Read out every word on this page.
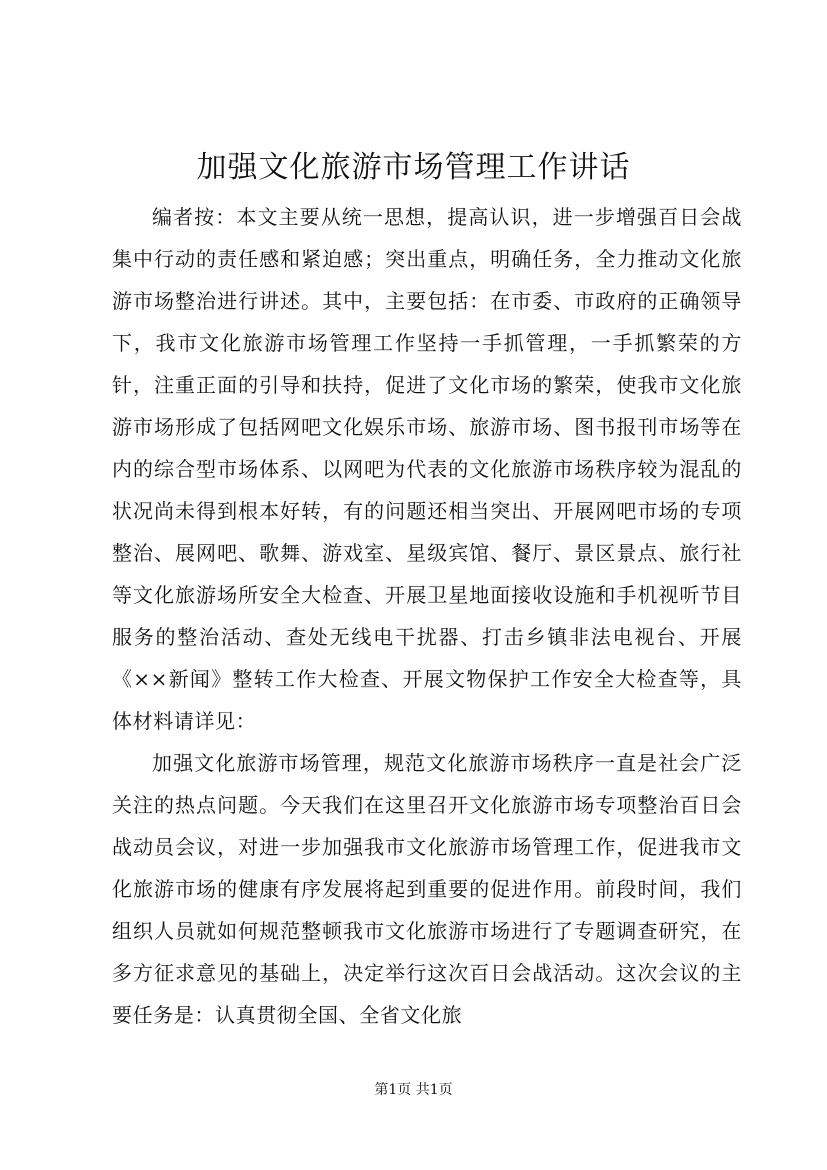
加强文化旅游市场管理工作讲话

编者按：本文主要从统一思想，提高认识，进一步增强百日会战集中行动的责任感和紧迫感；突出重点，明确任务，全力推动文化旅游市场整治进行讲述。其中，主要包括：在市委、市政府的正确领导下，我市文化旅游市场管理工作坚持一手抓管理，一手抓繁荣的方针，注重正面的引导和扶持，促进了文化市场的繁荣，使我市文化旅游市场形成了包括网吧文化娱乐市场、旅游市场、图书报刊市场等在内的综合型市场体系、以网吧为代表的文化旅游市场秩序较为混乱的状况尚未得到根本好转，有的问题还相当突出、开展网吧市场的专项整治、展网吧、歌舞、游戏室、星级宾馆、餐厅、景区景点、旅行社等文化旅游场所安全大检查、开展卫星地面接收设施和手机视听节目服务的整治活动、查处无线电干扰器、打击乡镇非法电视台、开展《××新闻》整转工作大检查、开展文物保护工作安全大检查等，具体材料请详见：

加强文化旅游市场管理，规范文化旅游市场秩序一直是社会广泛关注的热点问题。今天我们在这里召开文化旅游市场专项整治百日会战动员会议，对进一步加强我市文化旅游市场管理工作，促进我市文化旅游市场的健康有序发展将起到重要的促进作用。前段时间，我们组织人员就如何规范整顿我市文化旅游市场进行了专题调查研究，在多方征求意见的基础上，决定举行这次百日会战活动。这次会议的主要任务是：认真贯彻全国、全省文化旅

第1页 共1页
